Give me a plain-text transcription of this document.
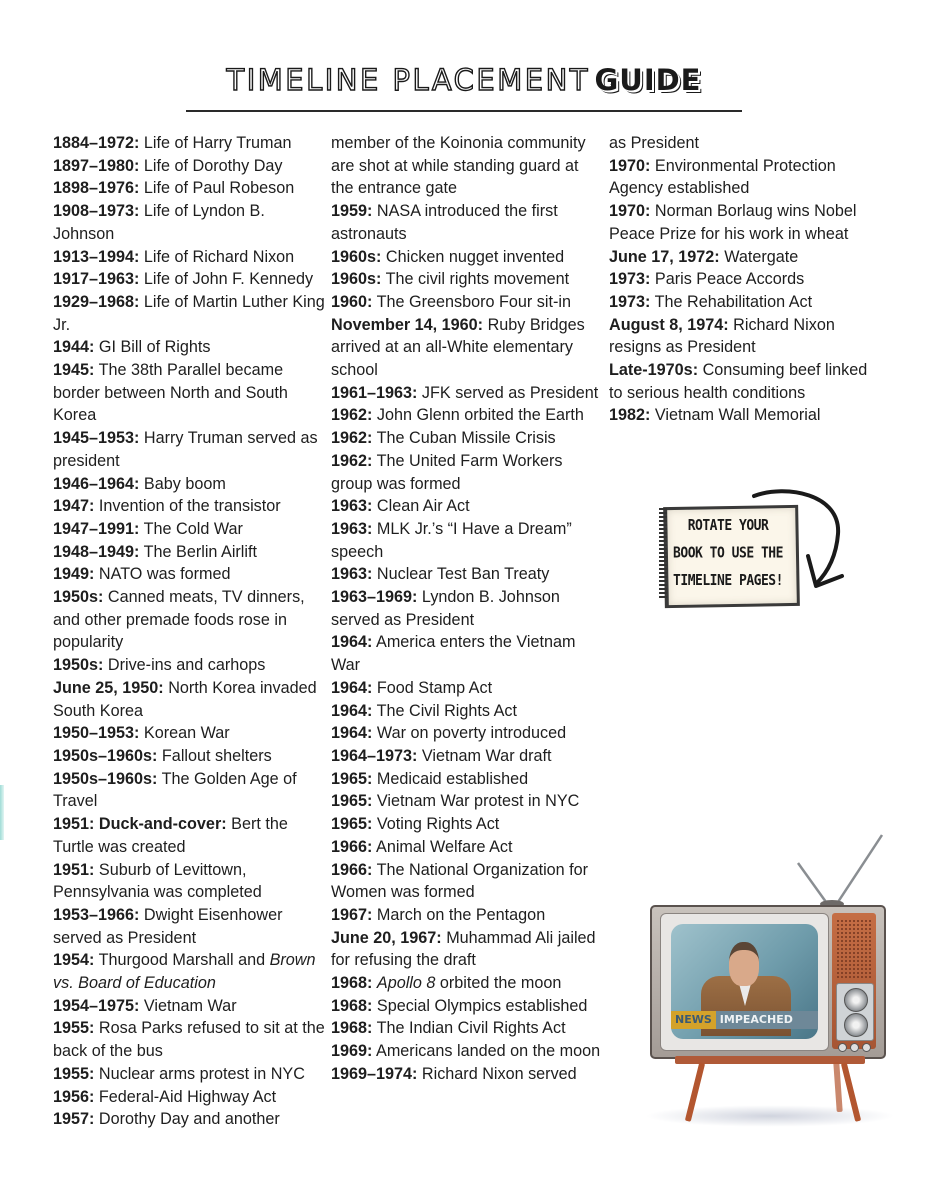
TIMELINE PLACEMENT GUIDE

1884–1972: Life of Harry Truman

1897–1980: Life of Dorothy Day

1898–1976: Life of Paul Robeson

1908–1973: Life of Lyndon B. Johnson

1913–1994: Life of Richard Nixon

1917–1963: Life of John F. Kennedy

1929–1968: Life of Martin Luther King Jr.

1944: GI Bill of Rights

1945: The 38th Parallel became border between North and South Korea

1945–1953: Harry Truman served as president

1946–1964: Baby boom

1947: Invention of the transistor

1947–1991: The Cold War

1948–1949: The Berlin Airlift

1949: NATO was formed

1950s: Canned meats, TV dinners, and other premade foods rose in popularity

1950s: Drive-ins and carhops

June 25, 1950: North Korea invaded South Korea

1950–1953: Korean War

1950s–1960s: Fallout shelters

1950s–1960s: The Golden Age of Travel

1951: Duck-and-cover: Bert the Turtle was created

1951: Suburb of Levittown, Pennsylvania was completed

1953–1966: Dwight Eisenhower served as President

1954: Thurgood Marshall and Brown vs. Board of Education

1954–1975: Vietnam War

1955: Rosa Parks refused to sit at the back of the bus

1955: Nuclear arms protest in NYC

1956: Federal-Aid Highway Act

1957: Dorothy Day and another

member of the Koinonia community are shot at while standing guard at the entrance gate

1959: NASA introduced the first astronauts

1960s: Chicken nugget invented

1960s: The civil rights movement

1960: The Greensboro Four sit-in

November 14, 1960: Ruby Bridges arrived at an all-White elementary school

1961–1963: JFK served as President

1962: John Glenn orbited the Earth

1962: The Cuban Missile Crisis

1962: The United Farm Workers group was formed

1963: Clean Air Act

1963: MLK Jr.’s “I Have a Dream” speech

1963: Nuclear Test Ban Treaty

1963–1969: Lyndon B. Johnson served as President

1964: America enters the Vietnam War

1964: Food Stamp Act

1964: The Civil Rights Act

1964: War on poverty introduced

1964–1973: Vietnam War draft

1965: Medicaid established

1965: Vietnam War protest in NYC

1965: Voting Rights Act

1966: Animal Welfare Act

1966: The National Organization for Women was formed

1967: March on the Pentagon

June 20, 1967: Muhammad Ali jailed for refusing the draft

1968: Apollo 8 orbited the moon

1968: Special Olympics established

1968: The Indian Civil Rights Act

1969: Americans landed on the moon

1969–1974: Richard Nixon served

as President

1970: Environmental Protection Agency established

1970: Norman Borlaug wins Nobel Peace Prize for his work in wheat

June 17, 1972: Watergate

1973: Paris Peace Accords

1973: The Rehabilitation Act

August 8, 1974: Richard Nixon resigns as President

Late-1970s: Consuming beef linked to serious health conditions

1982: Vietnam Wall Memorial

ROTATE YOUR
BOOK TO USE THE
TIMELINE PAGES!
NEWS IMPEACHED
